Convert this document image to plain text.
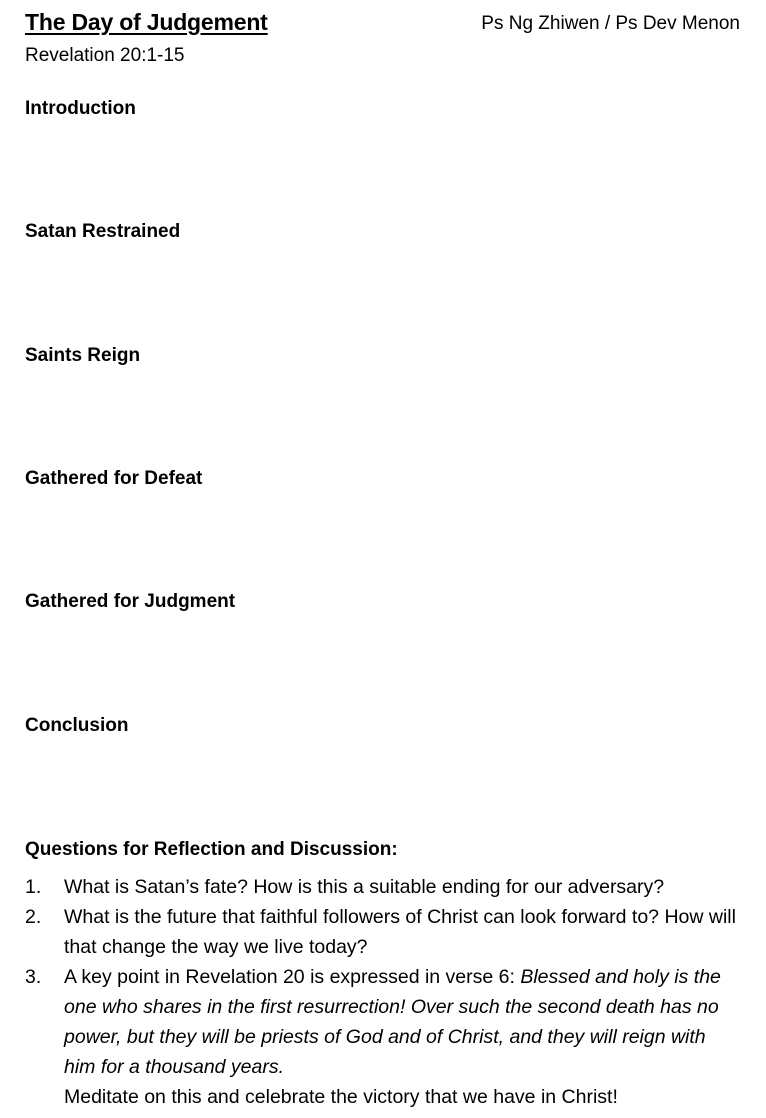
The Day of Judgement	Ps Ng Zhiwen / Ps Dev Menon
Revelation 20:1-15
Introduction
Satan Restrained
Saints Reign
Gathered for Defeat
Gathered for Judgment
Conclusion
Questions for Reflection and Discussion:
1. What is Satan’s fate? How is this a suitable ending for our adversary?
2. What is the future that faithful followers of Christ can look forward to? How will that change the way we live today?
3. A key point in Revelation 20 is expressed in verse 6: Blessed and holy is the one who shares in the first resurrection! Over such the second death has no power, but they will be priests of God and of Christ, and they will reign with him for a thousand years.
Meditate on this and celebrate the victory that we have in Christ!
